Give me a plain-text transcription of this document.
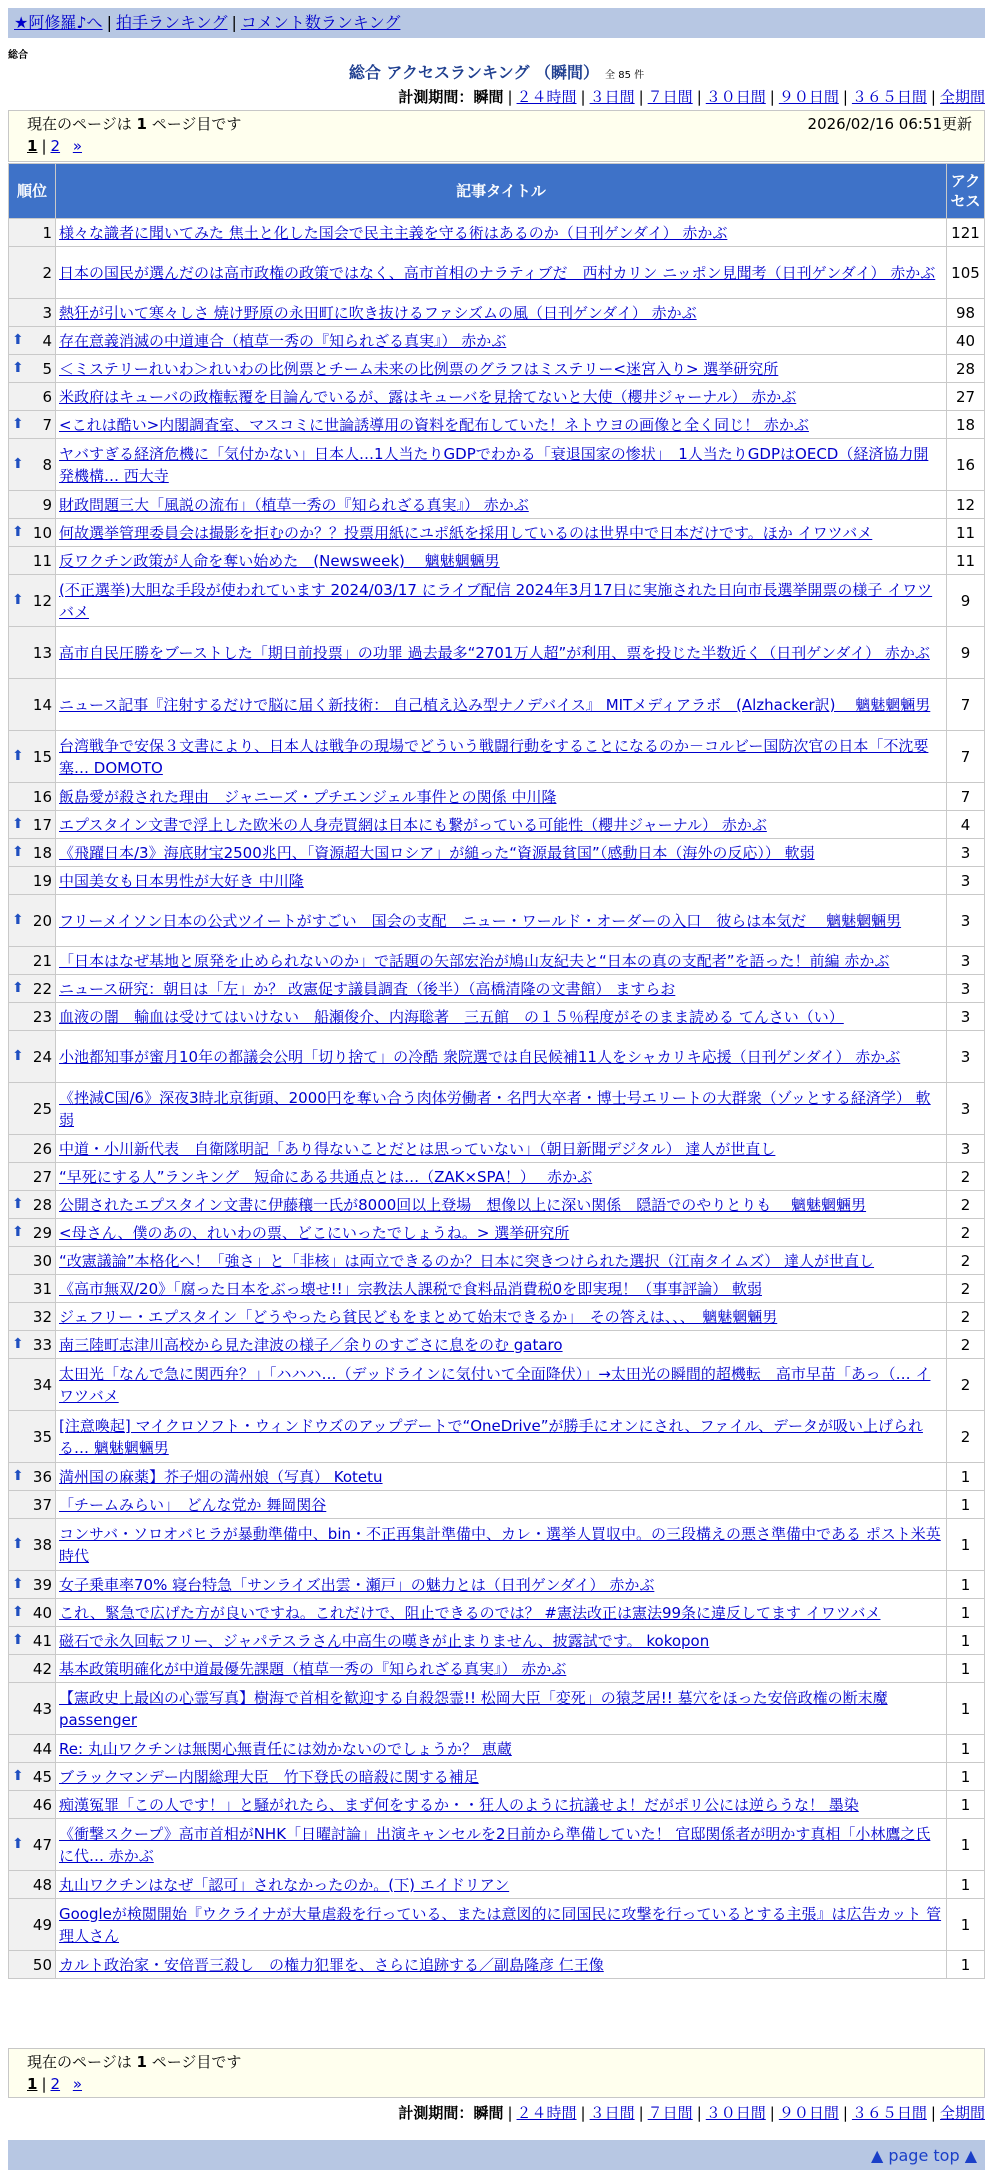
★阿修羅♪へ | 拍手ランキング | コメント数ランキング
総合
総合 アクセスランキング （瞬間） 全 85 件
計測期間：瞬間 | ２４時間 | ３日間 | ７日間 | ３０日間 | ９０日間 | ３６５日間 | 全期間
現在のページは 1 ページ目です	2026/02/16 06:51更新
1 | 2 »
順位	記事タイトル	アクセス
1	様々な識者に聞いてみた 焦土と化した国会で民主主義を守る術はあるのか（日刊ゲンダイ） 赤かぶ	121
2	日本の国民が選んだのは高市政権の政策ではなく、高市首相のナラティブだ　西村カリン ニッポン見聞考（日刊ゲンダイ） 赤かぶ	105
3	熱狂が引いて寒々しさ 焼け野原の永田町に吹き抜けるファシズムの風（日刊ゲンダイ） 赤かぶ	98

⬆ 4	存在意義消滅の中道連合（植草一秀の『知られざる真実』） 赤かぶ	40

⬆ 5	＜ミステリーれいわ＞れいわの比例票とチーム未来の比例票のグラフはミステリー<迷宮入り> 選挙研究所	28
6	米政府はキューバの政権転覆を目論んでいるが、露はキューバを見捨てないと大使（櫻井ジャーナル） 赤かぶ	27

⬆ 7	<これは酷い>内閣調査室、マスコミに世論誘導用の資料を配布していた！ネトウヨの画像と全く同じ！ 赤かぶ	18

⬆ 8	ヤバすぎる経済危機に「気付かない」日本人…1人当たりGDPでわかる「衰退国家の惨状」　1人当たりGDPはOECD（経済協力開発機構… 西大寺	16
9	財政問題三大「風説の流布」（植草一秀の『知られざる真実』） 赤かぶ	12

⬆ 10	何故選挙管理委員会は撮影を拒むのか？？投票用紙にユポ紙を採用しているのは世界中で日本だけです。ほか イワツバメ	11
11	反ワクチン政策が人命を奪い始めた　(Newsweek)　 魑魅魍魎男	11

⬆ 12	(不正選挙)大胆な手段が使われています 2024/03/17 にライブ配信 2024年3月17日に実施された日向市長選挙開票の様子 イワツバメ	9
13	高市自民圧勝をブーストした「期日前投票」の功罪 過去最多“2701万人超”が利用、票を投じた半数近く（日刊ゲンダイ） 赤かぶ	9
14	ニュース記事『注射するだけで脳に届く新技術： 自己植え込み型ナノデバイス』 MITメディアラボ　(Alzhacker訳)　 魑魅魍魎男	7

⬆ 15	台湾戦争で安保３文書により、日本人は戦争の現場でどういう戦闘行動をすることになるのか－コルビー国防次官の日本「不沈要塞… DOMOTO	7
16	飯島愛が殺された理由　ジャニーズ・プチエンジェル事件との関係 中川隆	7

⬆ 17	エプスタイン文書で浮上した欧米の人身売買網は日本にも繋がっている可能性（櫻井ジャーナル） 赤かぶ	4

⬆ 18	《飛躍日本/3》海底財宝2500兆円、「資源超大国ロシア」が縋った“資源最貧国”（感動日本（海外の反応）） 軟弱	3
19	中国美女も日本男性が大好き 中川隆	3

⬆ 20	フリーメイソン日本の公式ツイートがすごい　国会の支配　ニュー・ワールド・オーダーの入口　彼らは本気だ　 魑魅魍魎男	3
21	「日本はなぜ基地と原発を止められないのか」で話題の矢部宏治が鳩山友紀夫と“日本の真の支配者”を語った！前編 赤かぶ	3

⬆ 22	ニュース研究：朝日は「左」か？ 改憲促す議員調査（後半）（高橋清隆の文書館） ますらお	3
23	血液の闇　輸血は受けてはいけない　船瀬俊介、内海聡著　三五館　の１５％程度がそのまま読める てんさい（い）	3

⬆ 24	小池都知事が蜜月10年の都議会公明「切り捨て」の冷酷 衆院選では自民候補11人をシャカリキ応援（日刊ゲンダイ） 赤かぶ	3
25	《挫減C国/6》深夜3時北京街頭、2000円を奪い合う肉体労働者・名門大卒者・博士号エリートの大群衆（ゾッとする経済学） 軟弱	3
26	中道・小川新代表　自衛隊明記「あり得ないことだとは思っていない」（朝日新聞デジタル） 達人が世直し	3
27	“早死にする人”ランキング　短命にある共通点とは…（ZAK×SPA！）　 赤かぶ	2

⬆ 28	公開されたエプスタイン文書に伊藤穰一氏が8000回以上登場　想像以上に深い関係　隠語でのやりとりも　 魑魅魍魎男	2

⬆ 29	<母さん、僕のあの、れいわの票、どこにいったでしょうね。> 選挙研究所	2
30	“改憲議論”本格化へ！「強さ」と「非核」は両立できるのか？日本に突きつけられた選択（江南タイムズ） 達人が世直し	2
31	《高市無双/20》「腐った日本をぶっ壊せ!!」宗教法人課税で食料品消費税0を即実現！（事事評論） 軟弱	2
32	ジェフリー・エプスタイン「どうやったら貧民どもをまとめて始末できるか」　その答えは、、、　魑魅魍魎男	2

⬆ 33	南三陸町志津川高校から見た津波の様子／余りのすごさに息をのむ gataro	2
34	太田光「なんで急に関西弁？」「ハハハ…（デッドラインに気付いて全面降伏）」→太田光の瞬間的超機転　高市早苗「あっ（… イワツバメ	2
35	[注意喚起] マイクロソフト・ウィンドウズのアップデートで“OneDrive”が勝手にオンにされ、ファイル、データが吸い上げられる… 魑魅魍魎男	2

⬆ 36	満州国の麻薬】芥子畑の満州娘（写真） Kotetu	1
37	「チームみらい」　どんな党か 舞岡関谷	1

⬆ 38	コンサバ・ソロオバヒラが暴動準備中、bin・不正再集計準備中、カレ・選挙人買収中。の三段構えの悪さ準備中である ポスト米英時代	1

⬆ 39	女子乗車率70% 寝台特急「サンライズ出雲・瀬戸」の魅力とは（日刊ゲンダイ） 赤かぶ	1

⬆ 40	これ、緊急で広げた方が良いですね。これだけで、阻止できるのでは？ #憲法改正は憲法99条に違反してます イワツバメ	1

⬆ 41	磁石で永久回転フリー、ジャパテスラさん中高生の嘆きが止まりません、披露試です。 kokopon	1
42	基本政策明確化が中道最優先課題（植草一秀の『知られざる真実』） 赤かぶ	1
43	【憲政史上最凶の心霊写真】樹海で首相を歓迎する自殺怨霊!! 松岡大臣「変死」の猿芝居!! 墓穴をほった安倍政権の断末魔 passenger	1
44	Re: 丸山ワクチンは無関心無責任には効かないのでしょうか？ 恵蔵	1

⬆ 45	ブラックマンデー内閣総理大臣　竹下登氏の暗殺に関する補足	1
46	痴漢冤罪「この人です！」と騒がれたら、まず何をするか・・狂人のように抗議せよ！だがポリ公には逆らうな！ 墨染	1

⬆ 47	《衝撃スクープ》高市首相がNHK「日曜討論」出演キャンセルを2日前から準備していた！ 官邸関係者が明かす真相「小林鷹之氏に代… 赤かぶ	1
48	丸山ワクチンはなぜ「認可」されなかったのか。(下) エイドリアン	1
49	Googleが検閲開始『ウクライナが大量虐殺を行っている、または意図的に同国民に攻撃を行っているとする主張』は広告カット 管理人さん	1
50	カルト政治家・安倍晋三殺し　の権力犯罪を、さらに追跡する／副島隆彦 仁王像	1
現在のページは 1 ページ目です
1 | 2 »
計測期間：瞬間 | ２４時間 | ３日間 | ７日間 | ３０日間 | ９０日間 | ３６５日間 | 全期間
▲ page top ▲
